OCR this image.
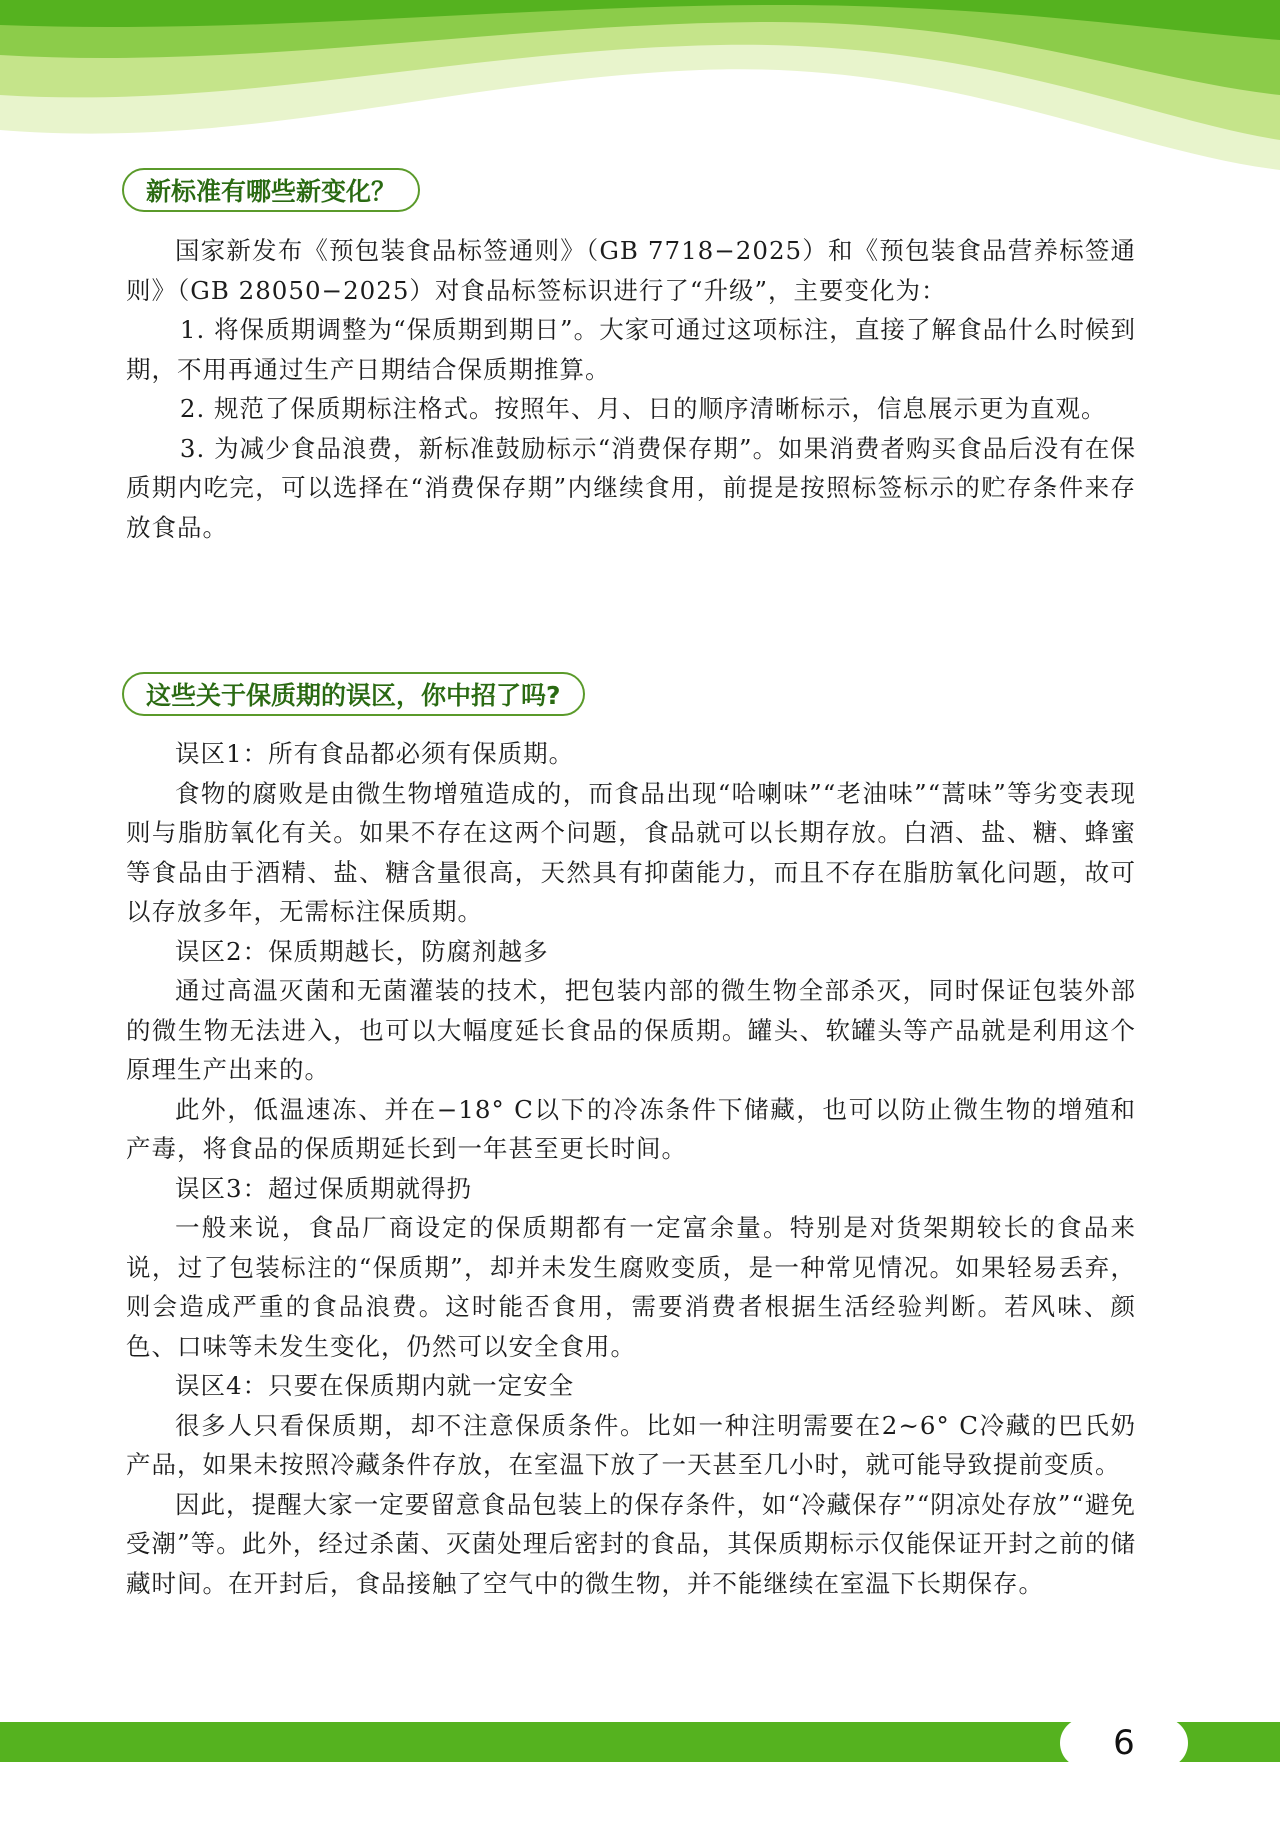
新标准有哪些新变化？

国家新发布《预包装食品标签通则》（GB 7718−2025）和《预包装食品营养标签通则》（GB 28050−2025）对食品标签标识进行了“升级”，主要变化为：

1. 将保质期调整为“保质期到期日”。大家可通过这项标注，直接了解食品什么时候到期，不用再通过生产日期结合保质期推算。

2. 规范了保质期标注格式。按照年、月、日的顺序清晰标示，信息展示更为直观。

3. 为减少食品浪费，新标准鼓励标示“消费保存期”。如果消费者购买食品后没有在保质期内吃完，可以选择在“消费保存期”内继续食用，前提是按照标签标示的贮存条件来存放食品。

这些关于保质期的误区，你中招了吗?

误区1：所有食品都必须有保质期。

食物的腐败是由微生物增殖造成的，而食品出现“哈喇味”“老油味”“蒿味”等劣变表现则与脂肪氧化有关。如果不存在这两个问题，食品就可以长期存放。白酒、盐、糖、蜂蜜等食品由于酒精、盐、糖含量很高，天然具有抑菌能力，而且不存在脂肪氧化问题，故可以存放多年，无需标注保质期。

误区2：保质期越长，防腐剂越多

通过高温灭菌和无菌灌装的技术，把包装内部的微生物全部杀灭，同时保证包装外部的微生物无法进入，也可以大幅度延长食品的保质期。罐头、软罐头等产品就是利用这个原理生产出来的。

此外，低温速冻、并在−18° C以下的冷冻条件下储藏，也可以防止微生物的增殖和产毒，将食品的保质期延长到一年甚至更长时间。

误区3：超过保质期就得扔

一般来说，食品厂商设定的保质期都有一定富余量。特别是对货架期较长的食品来说，过了包装标注的“保质期”，却并未发生腐败变质，是一种常见情况。如果轻易丢弃，则会造成严重的食品浪费。这时能否食用，需要消费者根据生活经验判断。若风味、颜色、口味等未发生变化，仍然可以安全食用。

误区4：只要在保质期内就一定安全

很多人只看保质期，却不注意保质条件。比如一种注明需要在2~6° C冷藏的巴氏奶产品，如果未按照冷藏条件存放，在室温下放了一天甚至几小时，就可能导致提前变质。

因此，提醒大家一定要留意食品包装上的保存条件，如“冷藏保存”“阴凉处存放”“避免受潮”等。此外，经过杀菌、灭菌处理后密封的食品，其保质期标示仅能保证开封之前的储藏时间。在开封后，食品接触了空气中的微生物，并不能继续在室温下长期保存。

6
